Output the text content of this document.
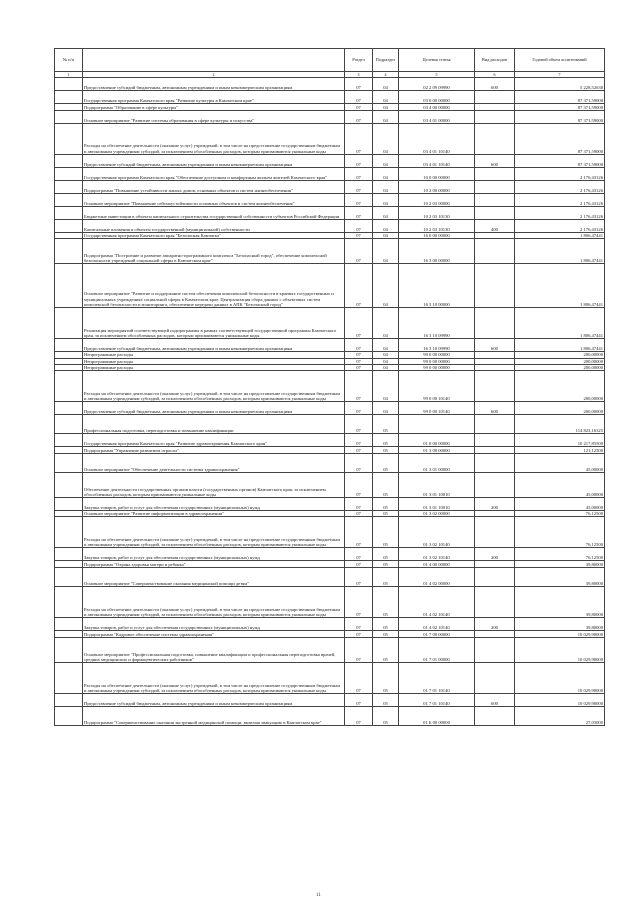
№ п/п		Раздел	Подраздел	Целевая статья	Вид расходов	Годовой объем ассигнований
1	2	3	4	5	6	7
	Предоставление субсидий бюджетным, автономным учреждениям и иным некоммерческим организациям	07	04	02 2 09 09990	600	5 228,52630
	Государственная программа Камчатского края "Развитие культуры в Камчатском крае"	07	04	03 0 00 00000		87 371,59000
	Подпрограмма "Образование в сфере культуры"	07	04	03 4 00 00000		87 371,59000
	Основное мероприятие "Развитие системы образования в сфере культуры и искусства"	07	04	03 4 01 00000		87 371,59000
	Расходы на обеспечение деятельности (оказание услуг) учреждений, в том числе на предоставление государственным бюджетным и автономным учреждениям субсидий, за исключением обособленных расходов, которым присваиваются уникальные коды	07	04	03 4 01 10140		87 371,59000
	Предоставление субсидий бюджетным, автономным учреждениям и иным некоммерческим организациям	07	04	03 4 01 10140	600	87 371,59000
	Государственная программа Камчатского края "Обеспечение доступным и комфортным жильем жителей Камчатского края"	07	04	10 0 00 00000		2 176,43126
	Подпрограмма "Повышение устойчивости жилых домов, основных объектов и систем жизнеобеспечения"	07	04	10 2 00 00000		2 176,43126
	Основное мероприятие "Повышение сейсмоустойчивости основных объектов и систем жизнеобеспечения"	07	04	10 2 03 00000		2 176,43126
	Бюджетные инвестиции в объекты капитального строительства государственной собственности субъектов Российской Федерации	07	04	10 2 03 10130		2 176,43126
	Капитальные вложения в объекты государственной (муниципальной) собственности	07	04	10 2 03 10130	400	2 176,43126
	Государственная программа Камчатского края "Безопасная Камчатка"	07	04	16 0 00 00000		1 806,47441
	Подпрограмма "Построение и развитие аппаратно-программного комплекса "Безопасный город", обеспечение комплексной безопасности учреждений социальной сферы в Камчатском крае"	07	04	16 3 00 00000		1 806,47441
	Основное мероприятие "Развитие и поддержание систем обеспечения комплексной безопасности в краевых государственных и муниципальных учреждениях социальной сферы в Камчатском крае. Централизация сбора данных с объектовых систем комплексной безопасности и мониторинга, обеспечение передачи данных в АПК "Безопасный город"	07	04	16 3 10 00000		1 806,47441
	Реализация мероприятий соответствующей подпрограммы в рамках соответствующей государственной программы Камчатского края, за исключением обособленных расходов, которым присваиваются уникальные коды	07	04	16 3 10 09990		1 806,47441
	Предоставление субсидий бюджетным, автономным учреждениям и иным некоммерческим организациям	07	04	16 3 10 09990	600	1 806,47441
	Непрограммные расходы	07	04	99 0 00 00000		200,00000
	Непрограммные расходы	07	04	99 0 00 00000		200,00000
	Непрограммные расходы	07	04	99 0 00 00000		200,00000
	Расходы на обеспечение деятельности (оказание услуг) учреждений, в том числе на предоставление государственным бюджетным и автономным учреждениям субсидий, за исключением обособленных расходов, которым присваиваются уникальные коды	07	04	99 0 00 10140		200,00000
	Предоставление субсидий бюджетным, автономным учреждениям и иным некоммерческим организациям	07	04	99 0 00 10140	600	200,00000
	Профессиональная подготовка, переподготовка и повышение квалификации	07	05			114 823,16325
	Государственная программа Камчатского края "Развитие здравоохранения Камчатского края"	07	05	01 0 00 00000		10 217,85500
	Подпрограмма "Управление развитием отрасли"	07	05	01 3 00 00000		121,12500
	Основное мероприятие "Обеспечение деятельности системы здравоохранения"	07	05	01 3 01 00000		45,00000
	Обеспечение деятельности государственных органов власти (государственных органов) Камчатского края, за исключением обособленных расходов, которым присваиваются уникальные коды	07	05	01 3 01 10010		45,00000
	Закупка товаров, работ и услуг для обеспечения государственных (муниципальных) нужд	07	05	01 3 01 10010	200	45,00000
	Основное мероприятие "Развитие информатизации в здравоохранении"	07	05	01 3 02 00000		76,12500
	Расходы на обеспечение деятельности (оказание услуг) учреждений, в том числе на предоставление государственным бюджетным и автономным учреждениям субсидий, за исключением обособленных расходов, которым присваиваются уникальные коды	07	05	01 3 02 10140		76,12500
	Закупка товаров, работ и услуг для обеспечения государственных (муниципальных) нужд	07	05	01 3 02 10140	200	76,12500
	Подпрограмма "Охрана здоровья матери и ребенка"	07	05	01 4 00 00000		39,80000
	Основное мероприятие "Совершенствование оказания медицинской помощи детям"	07	05	01 4 02 00000		39,80000
	Расходы на обеспечение деятельности (оказание услуг) учреждений, в том числе на предоставление государственным бюджетным и автономным учреждениям субсидий, за исключением обособленных расходов, которым присваиваются уникальные коды	07	05	01 4 02 10140		39,80000
	Закупка товаров, работ и услуг для обеспечения государственных (муниципальных) нужд	07	05	01 4 02 10140	200	39,80000
	Подпрограмма "Кадровое обеспечение системы здравоохранения"	07	05	01 7 00 00000		10 029,90000
	Основное мероприятие "Профессиональная подготовка, повышение квалификации и профессиональная переподготовка врачей, средних медицинских и фармацевтических работников"	07	05	01 7 01 00000		10 029,90000
	Расходы на обеспечение деятельности (оказание услуг) учреждений, в том числе на предоставление государственным бюджетным и автономным учреждениям субсидий, за исключением обособленных расходов, которым присваиваются уникальные коды	07	05	01 7 01 10140		10 029,90000
	Предоставление субсидий бюджетным, автономным учреждениям и иным некоммерческим организациям	07	05	01 7 01 10140	600	10 029,90000
	Подпрограмма "Совершенствование оказания экстренной медицинской помощи, включая эвакуацию в Камчатском крае"	07	05	01 Б 00 00000		27,03000
11
